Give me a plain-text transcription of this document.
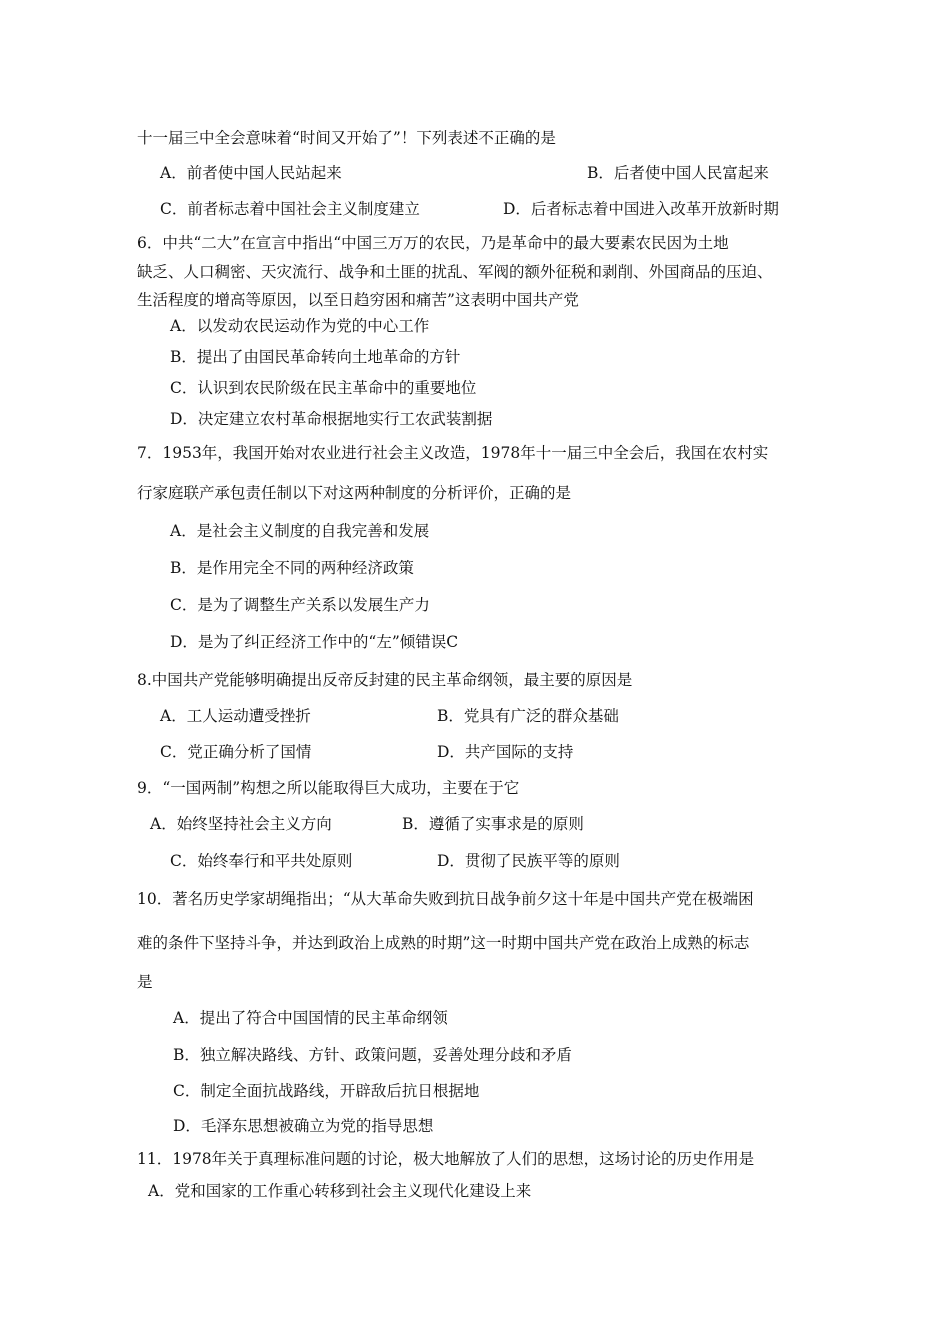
十一届三中全会意味着“时间又开始了”！下列表述不正确的是
A．前者使中国人民站起来	B．后者使中国人民富起来
C．前者标志着中国社会主义制度建立	D．后者标志着中国进入改革开放新时期
6．中共“二大”在宣言中指出“中国三万万的农民，乃是革命中的最大要素农民因为土地
缺乏、人口稠密、天灾流行、战争和土匪的扰乱、军阀的额外征税和剥削、外国商品的压迫、
生活程度的增高等原因，以至日趋穷困和痛苦”这表明中国共产党
A．以发动农民运动作为党的中心工作
B．提出了由国民革命转向土地革命的方针
C．认识到农民阶级在民主革命中的重要地位
D．决定建立农村革命根据地实行工农武装割据
7．1953年，我国开始对农业进行社会主义改造，1978年十一届三中全会后，我国在农村实
行家庭联产承包责任制以下对这两种制度的分析评价，正确的是
A．是社会主义制度的自我完善和发展
B．是作用完全不同的两种经济政策
C．是为了调整生产关系以发展生产力
D．是为了纠正经济工作中的“左”倾错误C
8.中国共产党能够明确提出反帝反封建的民主革命纲领，最主要的原因是
A．工人运动遭受挫折	B．党具有广泛的群众基础
C．党正确分析了国情	D．共产国际的支持
9．“一国两制”构想之所以能取得巨大成功，主要在于它
A．始终坚持社会主义方向	B．遵循了实事求是的原则
C．始终奉行和平共处原则	D．贯彻了民族平等的原则
10．著名历史学家胡绳指出；“从大革命失败到抗日战争前夕这十年是中国共产党在极端困
难的条件下坚持斗争，并达到政治上成熟的时期”这一时期中国共产党在政治上成熟的标志
是
A．提出了符合中国国情的民主革命纲领
B．独立解决路线、方针、政策问题，妥善处理分歧和矛盾
C．制定全面抗战路线，开辟敌后抗日根据地
D．毛泽东思想被确立为党的指导思想
11．1978年关于真理标准问题的讨论，极大地解放了人们的思想，这场讨论的历史作用是
A．党和国家的工作重心转移到社会主义现代化建设上来
